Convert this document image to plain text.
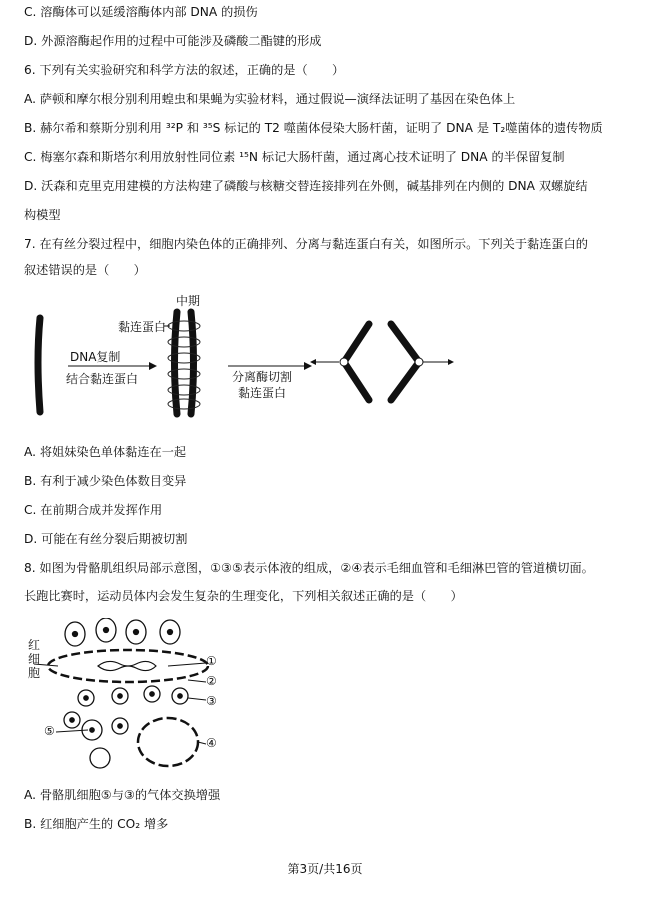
C. 溶酶体可以延缓溶酶体内部 DNA 的损伤
D. 外源溶酶起作用的过程中可能涉及磷酸二酯键的形成
6. 下列有关实验研究和科学方法的叙述，正确的是（　　）
A. 萨顿和摩尔根分别利用蝗虫和果蝇为实验材料，通过假说—演绎法证明了基因在染色体上
B. 赫尔希和蔡斯分别利用 ³²P 和 ³⁵S 标记的 T2 噬菌体侵染大肠杆菌，证明了 DNA 是 T₂噬菌体的遗传物质
C. 梅塞尔森和斯塔尔利用放射性同位素 ¹⁵N 标记大肠杆菌，通过离心技术证明了 DNA 的半保留复制
D. 沃森和克里克用建模的方法构建了磷酸与核糖交替连接排列在外侧，碱基排列在内侧的 DNA 双螺旋结
构模型
7. 在有丝分裂过程中，细胞内染色体的正确排列、分离与黏连蛋白有关，如图所示。下列关于黏连蛋白的
叙述错误的是（　　）
中期
黏连蛋白
DNA复制
结合黏连蛋白	分离酶切割
黏连蛋白
A. 将姐妹染色单体黏连在一起
B. 有利于减少染色体数目变异
C. 在前期合成并发挥作用
D. 可能在有丝分裂后期被切割
8. 如图为骨骼肌组织局部示意图，①③⑤表示体液的组成，②④表示毛细血管和毛细淋巴管的管道横切面。
长跑比赛时，运动员体内会发生复杂的生理变化，下列相关叙述正确的是（　　）
红
细
胞
①
②
③
④
⑤
A. 骨骼肌细胞⑤与③的气体交换增强
B. 红细胞产生的 CO₂ 增多
第3页/共16页
